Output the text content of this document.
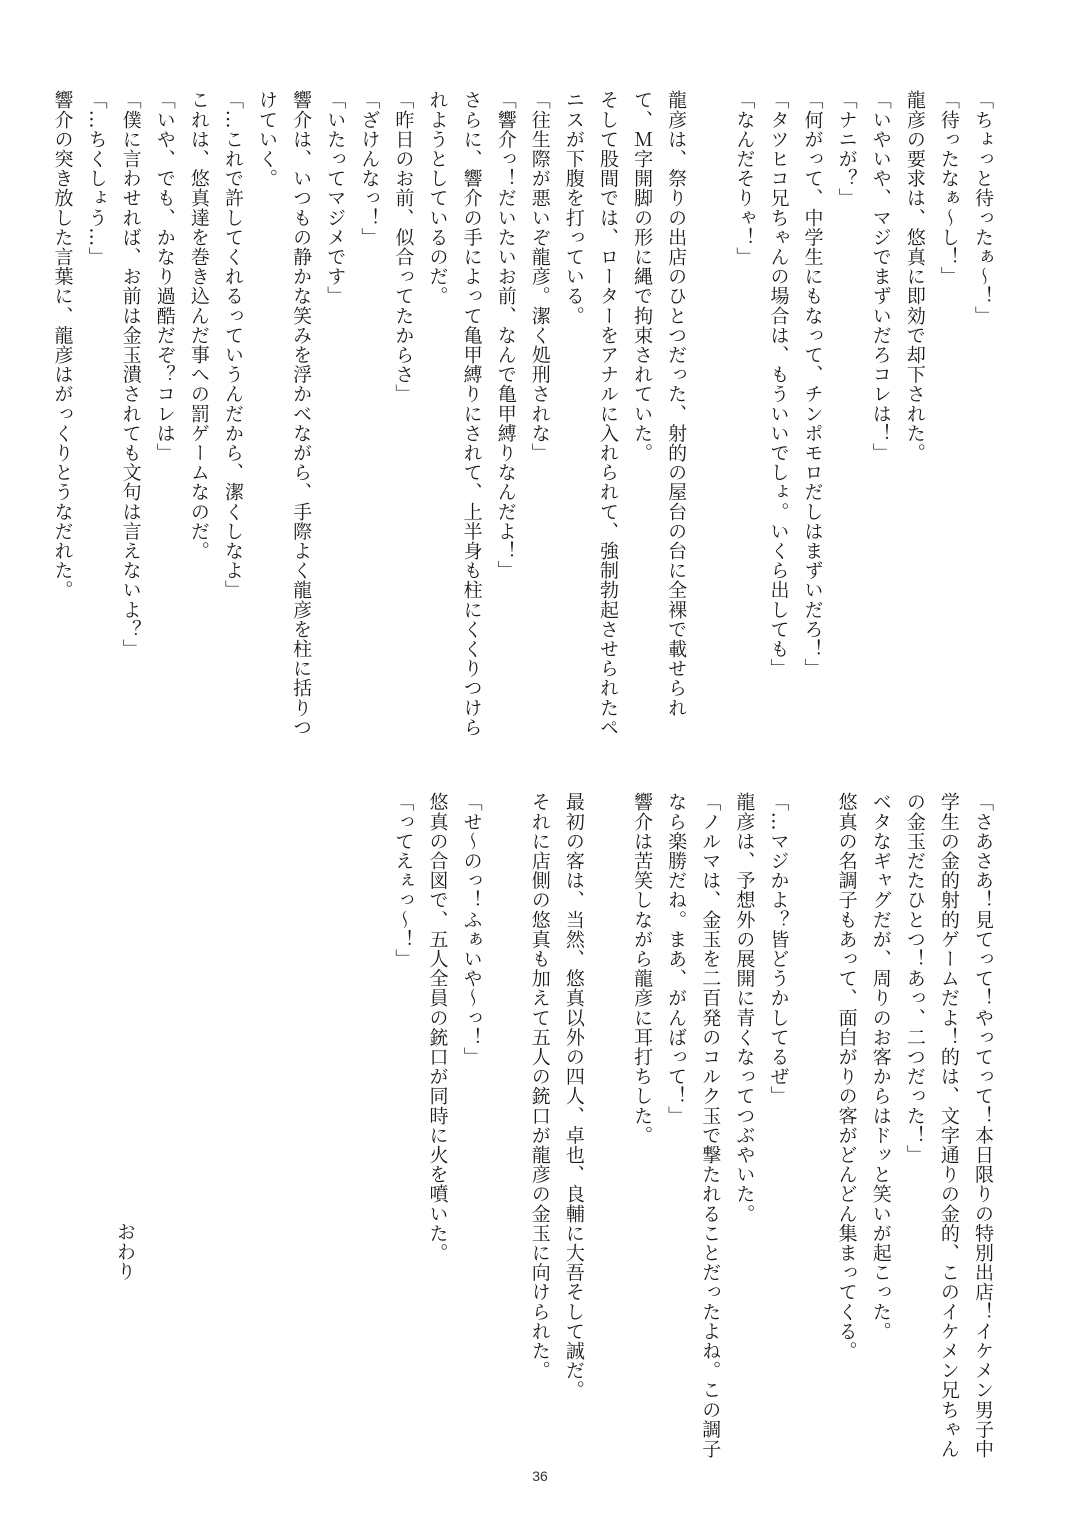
「ちょっと待ったぁ～！」
「待ったなぁ～し！」
龍彦の要求は、悠真に即効で却下された。
「いやいや、マジでまずいだろコレは！」
「ナニが？」
「何がって、中学生にもなって、チンポモロだしはまずいだろ！」
「タツヒコ兄ちゃんの場合は、もういいでしょ。いくら出しても」
「なんだそりゃ！」

龍彦は、祭りの出店のひとつだった、射的の屋台の台に全裸で載せられ
て、Ｍ字開脚の形に縄で拘束されていた。
そして股間では、ローターをアナルに入れられて、強制勃起させられたペ
ニスが下腹を打っている。
「往生際が悪いぞ龍彦。潔く処刑されな」
「響介っ！だいたいお前、なんで亀甲縛りなんだよ！」
さらに、響介の手によって亀甲縛りにされて、上半身も柱にくくりつけら
れようとしているのだ。
「昨日のお前、似合ってたからさ」
「ざけんなっ！」
「いたってマジメです」
響介は、いつもの静かな笑みを浮かべながら、手際よく龍彦を柱に括りつ
けていく。
「…これで許してくれるっていうんだから、潔くしなよ」
これは、悠真達を巻き込んだ事への罰ゲームなのだ。
「いや、でも、かなり過酷だぞ？コレは」
「僕に言わせれば、お前は金玉潰されても文句は言えないよ？」
「…ちくしょう…」
響介の突き放した言葉に、龍彦はがっくりとうなだれた。
「さあさあ！見てって！やってって！本日限りの特別出店！イケメン男子中
学生の金的射的ゲームだよ！的は、文字通りの金的、このイケメン兄ちゃん
の金玉だたひとつ！あっ、二つだった！」
ベタなギャグだが、周りのお客からはドッと笑いが起こった。
悠真の名調子もあって、面白がりの客がどんどん集まってくる。

「…マジかよ？皆どうかしてるぜ」
龍彦は、予想外の展開に青くなってつぶやいた。
「ノルマは、金玉を二百発のコルク玉で撃たれることだったよね。この調子
なら楽勝だね。まあ、がんばって！」
響介は苦笑しながら龍彦に耳打ちした。

最初の客は、当然、悠真以外の四人、卓也、良輔に大吾そして誠だ。
それに店側の悠真も加えて五人の銃口が龍彦の金玉に向けられた。

「せ～のっ！ふぁいや～っ！」
悠真の合図で、五人全員の銃口が同時に火を噴いた。
「ってえぇっ～！」
おわり
36
